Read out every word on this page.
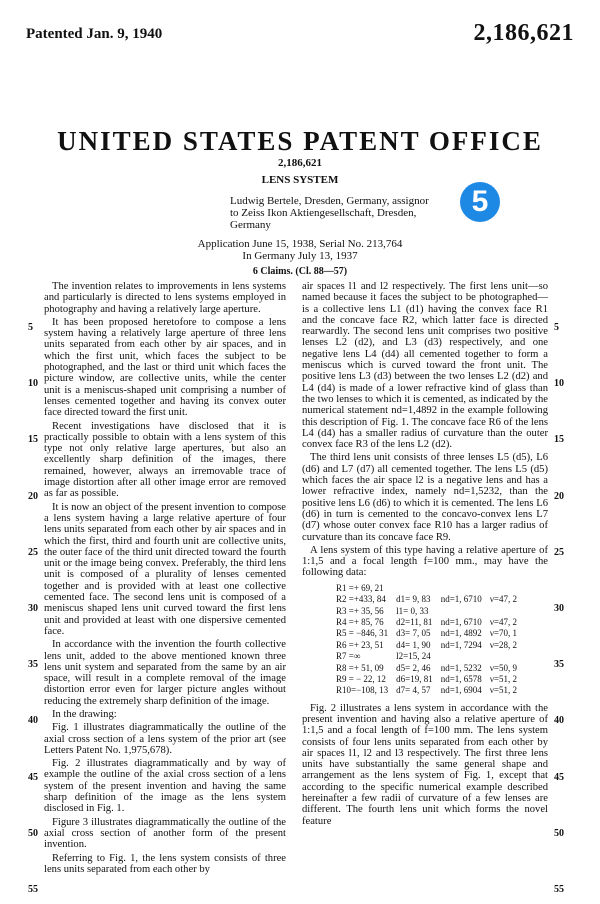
Patented Jan. 9, 1940	2,186,621
UNITED STATES PATENT OFFICE
2,186,621
LENS SYSTEM
Ludwig Bertele, Dresden, Germany, assignor to Zeiss Ikon Aktiengesellschaft, Dresden, Germany
Application June 15, 1938, Serial No. 213,764
In Germany July 13, 1937
6 Claims. (Cl. 88—57)
5

The invention relates to improvements in lens systems and particularly is directed to lens systems employed in photography and having a relatively large aperture.

It has been proposed heretofore to compose a lens system having a relatively large aperture of three lens units separated from each other by air spaces, and in which the first unit, which faces the subject to be photographed, and the last or third unit which faces the picture window, are collective units, while the center unit is a meniscus-shaped unit comprising a number of lenses cemented together and having its convex outer face directed toward the first unit.

Recent investigations have disclosed that it is practically possible to obtain with a lens system of this type not only relative large apertures, but also an excellently sharp definition of the images, there remained, however, always an irremovable trace of image distortion after all other image error are removed as far as possible.

It is now an object of the present invention to compose a lens system having a large relative aperture of four lens units separated from each other by air spaces and in which the first, third and fourth unit are collective units, the outer face of the third unit directed toward the fourth unit or the image being convex. Preferably, the third lens unit is composed of a plurality of lenses cemented together and is provided with at least one collective cemented face. The second lens unit is composed of a meniscus shaped lens unit curved toward the first lens unit and provided at least with one dispersive cemented face.

In accordance with the invention the fourth collective lens unit, added to the above mentioned known three lens unit system and separated from the same by an air space, will result in a complete removal of the image distortion error even for larger picture angles without reducing the extremely sharp definition of the image.

In the drawing:

Fig. 1 illustrates diagrammatically the outline of the axial cross section of a lens system of the prior art (see Letters Patent No. 1,975,678).

Fig. 2 illustrates diagrammatically and by way of example the outline of the axial cross section of a lens system of the present invention and having the same sharp definition of the image as the lens system disclosed in Fig. 1.

Figure 3 illustrates diagrammatically the outline of the axial cross section of another form of the present invention.

Referring to Fig. 1, the lens system consists of three lens units separated from each other by

air spaces l1 and l2 respectively. The first lens unit—so named because it faces the subject to be photographed—is a collective lens L1 (d1) having the convex face R1 and the concave face R2, which latter face is directed rearwardly. The second lens unit comprises two positive lenses L2 (d2), and L3 (d3) respectively, and one negative lens L4 (d4) all cemented together to form a meniscus which is curved toward the front unit. The positive lens L3 (d3) between the two lenses L2 (d2) and L4 (d4) is made of a lower refractive kind of glass than the two lenses to which it is cemented, as indicated by the numerical statement nd=1,4892 in the example following this description of Fig. 1. The concave face R6 of the lens L4 (d4) has a smaller radius of curvature than the outer convex face R3 of the lens L2 (d2).

The third lens unit consists of three lenses L5 (d5), L6 (d6) and L7 (d7) all cemented together. The lens L5 (d5) which faces the air space l2 is a negative lens and has a lower refractive index, namely nd=1,5232, than the positive lens L6 (d6) to which it is cemented. The lens L6 (d6) in turn is cemented to the concavo-convex lens L7 (d7) whose outer convex face R10 has a larger radius of curvature than its concave face R9.

A lens system of this type having a relative aperture of 1:1,5 and a focal length f=100 mm., may have the following data:

R1 =+ 69, 21			
R2 =+433, 84	d1= 9, 83	nd=1, 6710	ν=47, 2
R3 =+ 35, 56	l1= 0, 33		
R4 =+ 85, 76	d2=11, 81	nd=1, 6710	ν=47, 2
R5 = −846, 31	d3= 7, 05	nd=1, 4892	ν=70, 1
R6 =+ 23, 51	d4= 1, 90	nd=1, 7294	ν=28, 2
R7 =∞	l2=15, 24		
R8 =+ 51, 09	d5= 2, 46	nd=1, 5232	ν=50, 9
R9 = − 22, 12	d6=19, 81	nd=1, 6578	ν=51, 2
R10=−108, 13	d7= 4, 57	nd=1, 6904	ν=51, 2

Fig. 2 illustrates a lens system in accordance with the present invention and having also a relative aperture of 1:1,5 and a focal length of f=100 mm. The lens system consists of four lens units separated from each other by air spaces l1, l2 and l3 respectively. The first three lens units have substantially the same general shape and arrangement as the lens system of Fig. 1, except that according to the specific numerical example described hereinafter a few radii of curvature of a few lenses are different. The fourth lens unit which forms the novel feature

5
10
15
20
25
30
35
40
45
50
55
5
10
15
20
25
30
35
40
45
50
55
